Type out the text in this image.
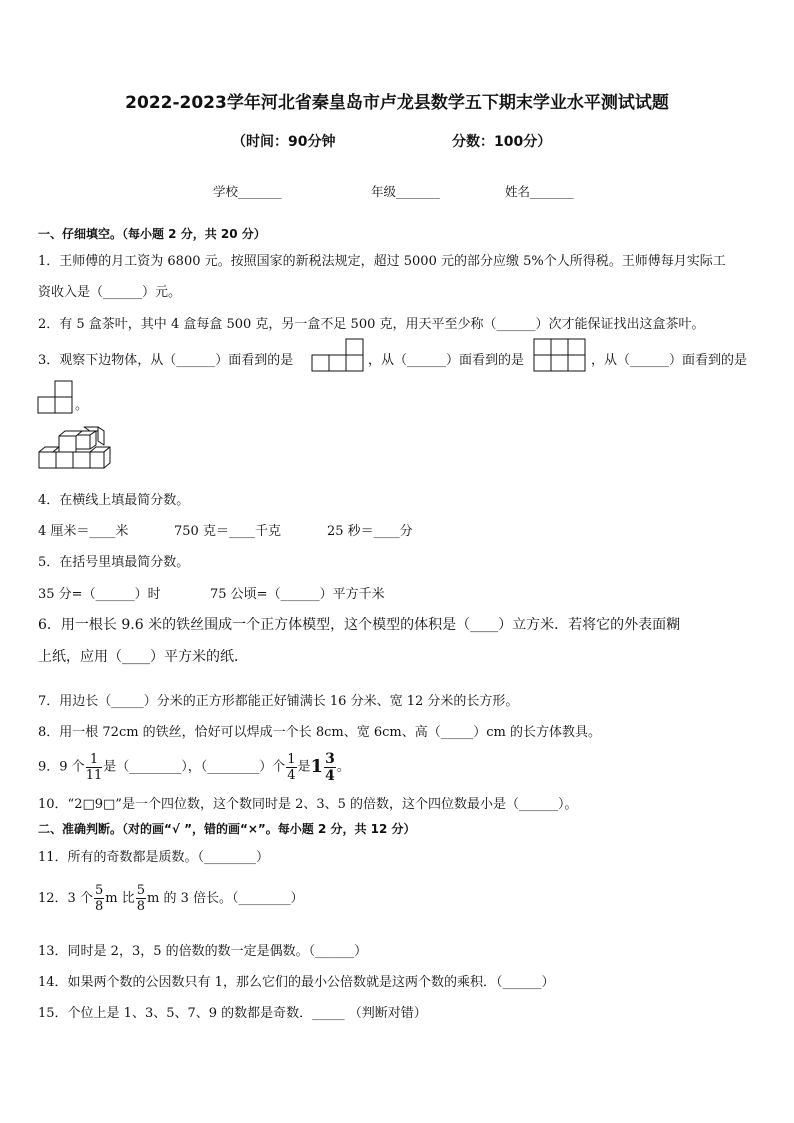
2022-2023学年河北省秦皇岛市卢龙县数学五下期末学业水平测试试题
（时间：90分钟	分数：100分）
学校_______	年级_______	姓名_______
一、仔细填空。（每小题 2 分，共 20 分）
1．王师傅的月工资为 6800 元。按照国家的新税法规定，超过 5000 元的部分应缴 5%个人所得税。王师傅每月实际工
资收入是（______）元。
2．有 5 盒茶叶，其中 4 盒每盒 500 克，另一盒不足 500 克，用天平至少称（______）次才能保证找出这盒茶叶。
3．观察下边物体，从（______）面看到的是	，从（______）面看到的是	，从（______）面看到的是
。
4．在横线上填最简分数。
4 厘米＝____米	750 克＝____千克	25 秒＝____分
5．在括号里填最简分数。
35 分=（______）时	75 公顷=（______）平方千米
6．用一根长 9.6 米的铁丝围成一个正方体模型，这个模型的体积是（____）立方米．若将它的外表面糊
上纸，应用（____）平方米的纸．
7．用边长（_____）分米的正方形都能正好铺满长 16 分米、宽 12 分米的长方形。
8．用一根 72cm 的铁丝，恰好可以焊成一个长 8cm、宽 6cm、高（_____）cm 的长方体教具。
9．9 个 $\frac{1}{11}$ 是（________），（________）个 $\frac{1}{4}$ 是$1 \frac{3}{4}$ 。
10．“2□9□”是一个四位数，这个数同时是 2、3、5 的倍数，这个四位数最小是（______）。
二、准确判断。（对的画“√ ”，错的画“×”。每小题 2 分，共 12 分）
11．所有的奇数都是质数。（________）
12．3 个 $\frac{5}{8}$ m 比 $\frac{5}{8}$ m 的 3 倍长。（________）
13．同时是 2，3，5 的倍数的数一定是偶数。（______）
14．如果两个数的公因数只有 1，那么它们的最小公倍数就是这两个数的乘积．（______）
15．个位上是 1、3、5、7、9 的数都是奇数．_____ （判断对错）
